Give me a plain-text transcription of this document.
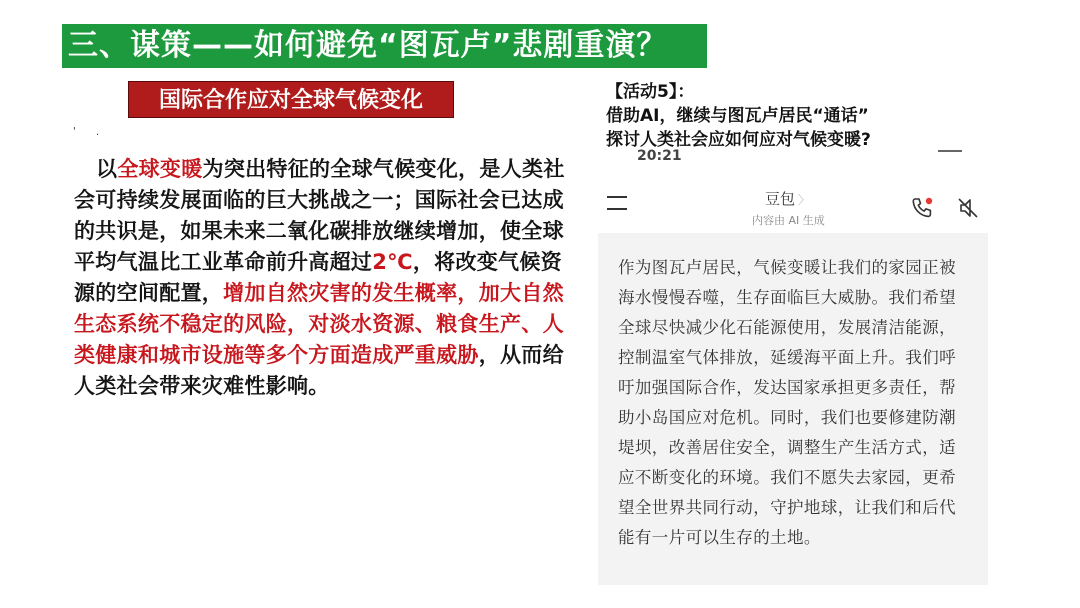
三、谋策——如何避免“图瓦卢”悲剧重演？
国际合作应对全球气候变化
' .
以全球变暖为突出特征的全球气候变化，是人类社会可持续发展面临的巨大挑战之一；国际社会已达成的共识是，如果未来二氧化碳排放继续增加，使全球平均气温比工业革命前升高超过2℃，将改变气候资源的空间配置，增加自然灾害的发生概率，加大自然生态系统不稳定的风险，对淡水资源、粮食生产、人类健康和城市设施等多个方面造成严重威胁，从而给人类社会带来灾难性影响。
【活动5】：
借助AI，继续与图瓦卢居民“通话”
探讨人类社会应如何应对气候变暖?
20:21
豆包 〉
内容由 AI 生成
作为图瓦卢居民，气候变暖让我们的家园正被海水慢慢吞噬，生存面临巨大威胁。我们希望全球尽快减少化石能源使用，发展清洁能源，控制温室气体排放，延缓海平面上升。我们呼吁加强国际合作，发达国家承担更多责任，帮助小岛国应对危机。同时，我们也要修建防潮堤坝，改善居住安全，调整生产生活方式，适应不断变化的环境。我们不愿失去家园，更希望全世界共同行动，守护地球，让我们和后代能有一片可以生存的土地。
